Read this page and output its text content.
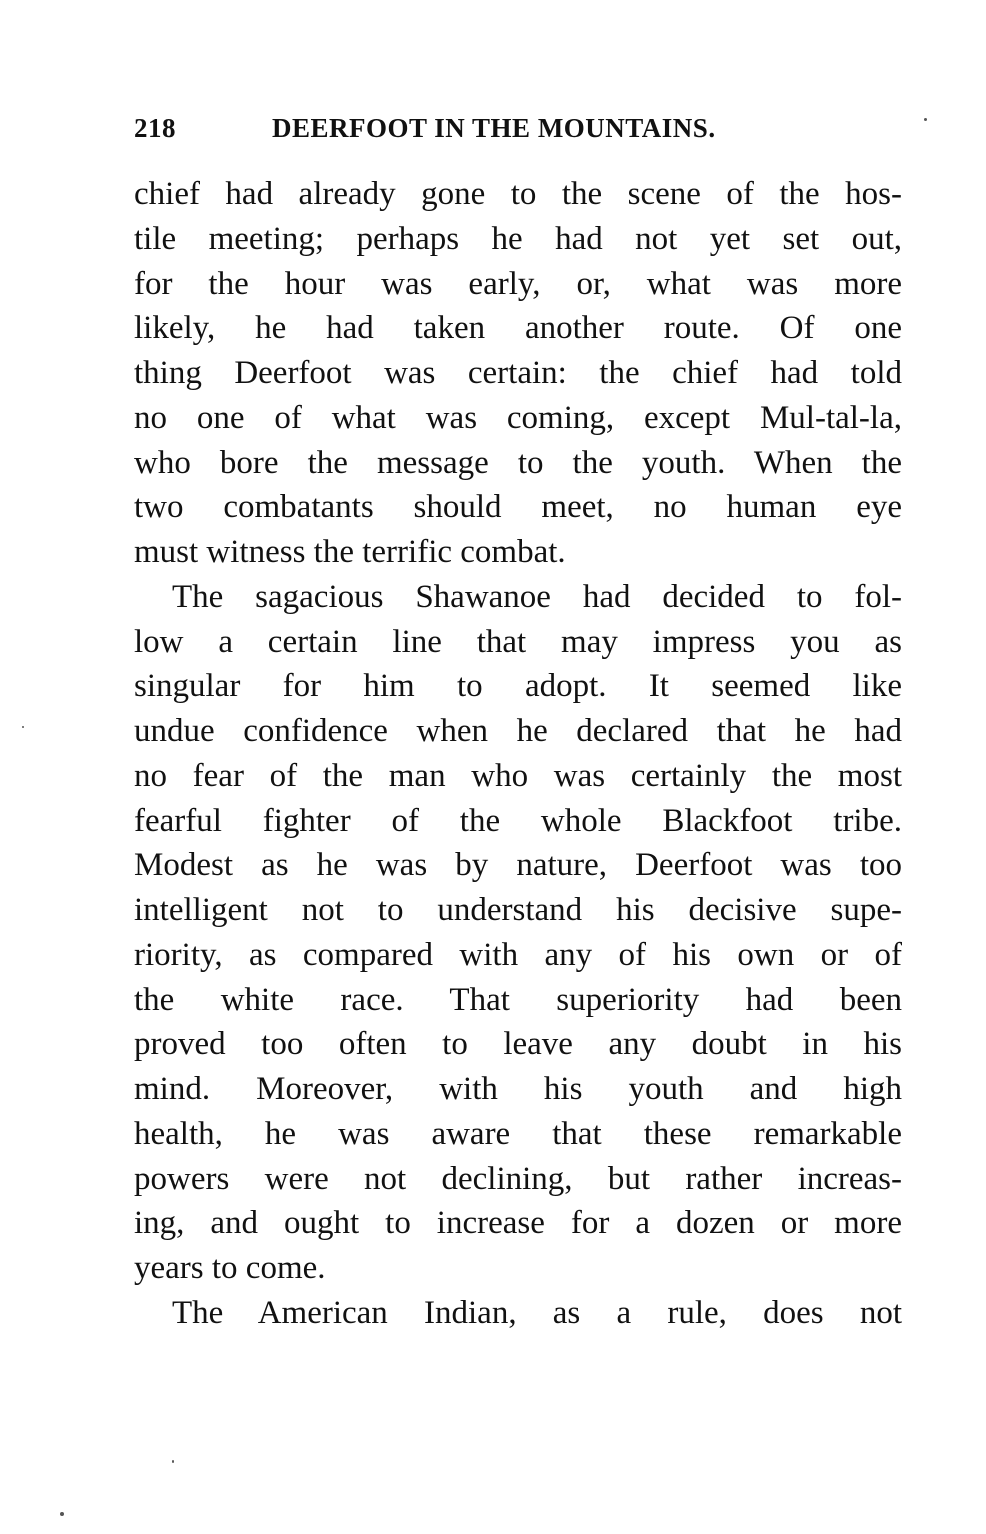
218	DEERFOOT IN THE MOUNTAINS.
chief had already gone to the scene of the hos-
tile meeting; perhaps he had not yet set out,
for the hour was early, or, what was more
likely, he had taken another route. Of one
thing Deerfoot was certain: the chief had told
no one of what was coming, except Mul-tal-la,
who bore the message to the youth. When the
two combatants should meet, no human eye
must witness the terrific combat.
The sagacious Shawanoe had decided to fol-
low a certain line that may impress you as
singular for him to adopt. It seemed like
undue confidence when he declared that he had
no fear of the man who was certainly the most
fearful fighter of the whole Blackfoot tribe.
Modest as he was by nature, Deerfoot was too
intelligent not to understand his decisive supe-
riority, as compared with any of his own or of
the white race. That superiority had been
proved too often to leave any doubt in his
mind. Moreover, with his youth and high
health, he was aware that these remarkable
powers were not declining, but rather increas-
ing, and ought to increase for a dozen or more
years to come.
The American Indian, as a rule, does not
